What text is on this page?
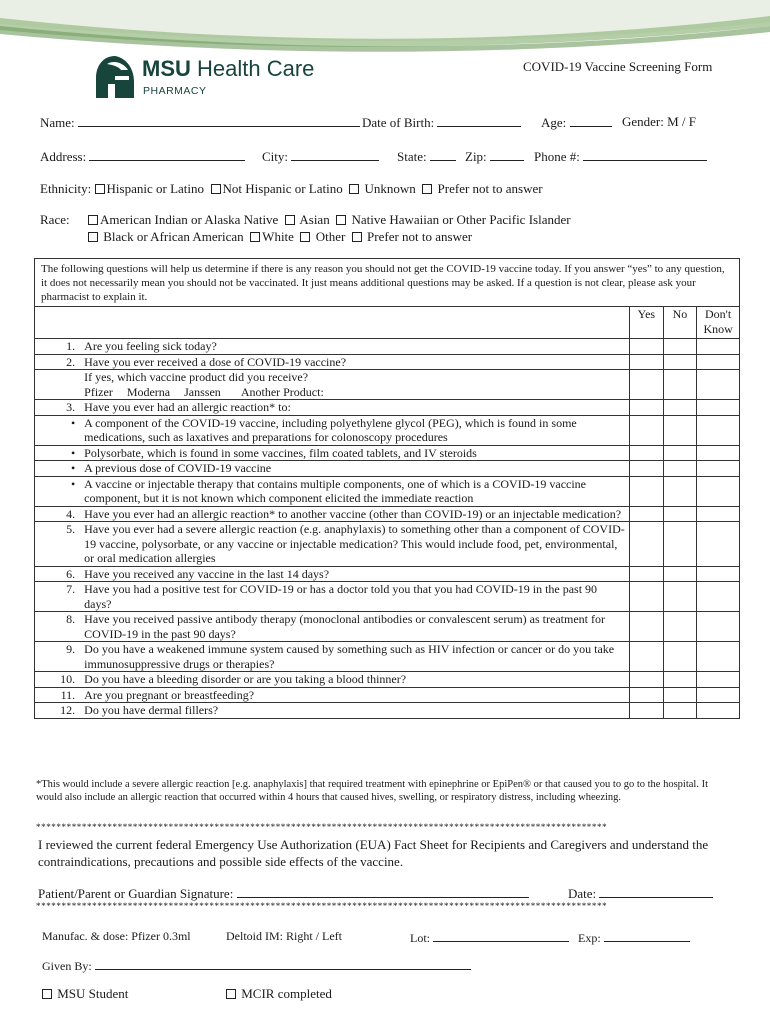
MSU Health Care
PHARMACY
COVID-19 Vaccine Screening Form
Name:	Date of Birth:	Age:	Gender: M / F
Address:	City:	State:	Zip:	Phone #:
Ethnicity: Hispanic or Latino Not Hispanic or Latino Unknown Prefer not to answer
Race:	American Indian or Alaska Native Asian Native Hawaiian or Other Pacific Islander
Black or African American White Other Prefer not to answer
The following questions will help us determine if there is any reason you should not get the COVID-19 vaccine today. If you answer “yes” to any question, it does not necessarily mean you should not be vaccinated. It just means additional questions may be asked. If a question is not clear, please ask your pharmacist to explain it.
		Yes	No	Don't Know
1.	Are you feeling sick today?			

2.	Have you ever received a dose of COVID-19 vaccine?			

	If yes, which vaccine product did you receive?
Pfizer Moderna Janssen Another Product:			

3.	Have you ever had an allergic reaction* to:			

•	A component of the COVID-19 vaccine, including polyethylene glycol (PEG), which is found in some medications, such as laxatives and preparations for colonoscopy procedures			

•	Polysorbate, which is found in some vaccines, film coated tablets, and IV steroids			

•	A previous dose of COVID-19 vaccine			

•	A vaccine or injectable therapy that contains multiple components, one of which is a COVID-19 vaccine component, but it is not known which component elicited the immediate reaction			

4.	Have you ever had an allergic reaction* to another vaccine (other than COVID-19) or an injectable medication?			

5.	Have you ever had a severe allergic reaction (e.g. anaphylaxis) to something other than a component of COVID-19 vaccine, polysorbate, or any vaccine or injectable medication? This would include food, pet, environmental, or oral medication allergies			

6.	Have you received any vaccine in the last 14 days?			

7.	Have you had a positive test for COVID-19 or has a doctor told you that you had COVID-19 in the past 90 days?			

8.	Have you received passive antibody therapy (monoclonal antibodies or convalescent serum) as treatment for COVID-19 in the past 90 days?			

9.	Do you have a weakened immune system caused by something such as HIV infection or cancer or do you take immunosuppressive drugs or therapies?			

10.	Do you have a bleeding disorder or are you taking a blood thinner?			

11.	Are you pregnant or breastfeeding?			

12.	Do you have dermal fillers?			

*This would include a severe allergic reaction [e.g. anaphylaxis] that required treatment with epinephrine or EpiPen® or that caused you to go to the hospital. It would also include an allergic reaction that occurred within 4 hours that caused hives, swelling, or respiratory distress, including wheezing.
****************************************************************************************************************
I reviewed the current federal Emergency Use Authorization (EUA) Fact Sheet for Recipients and Caregivers and understand the contraindications, precautions and possible side effects of the vaccine.
Patient/Parent or Guardian Signature:	Date:
****************************************************************************************************************
Manufac. & dose: Pfizer 0.3ml	Deltoid IM: Right / Left	Lot:	Exp:
Given By:
MSU Student	MCIR completed
